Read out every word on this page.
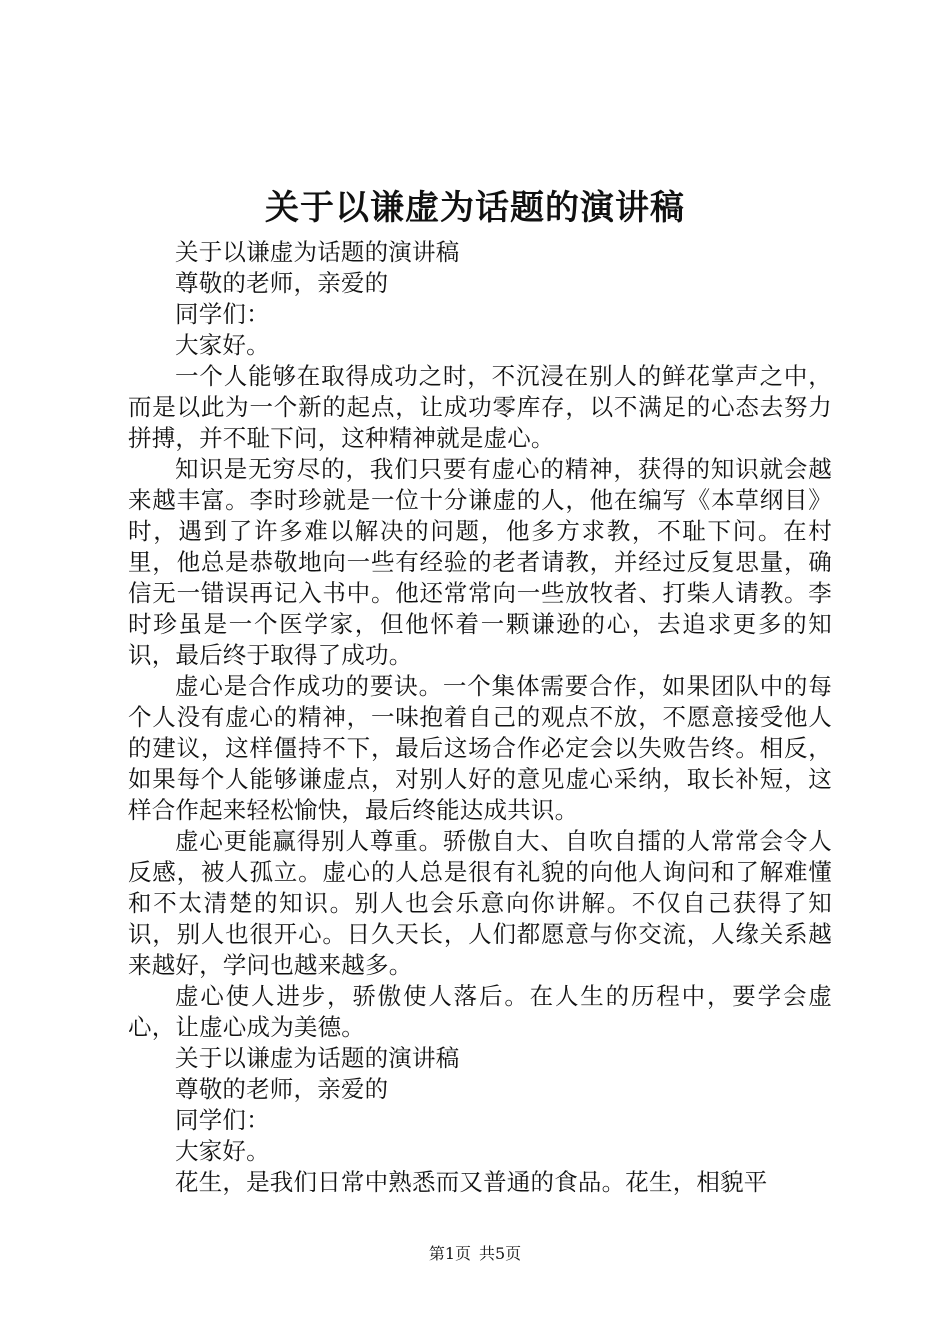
关于以谦虚为话题的演讲稿

关于以谦虚为话题的演讲稿

尊敬的老师，亲爱的

同学们：

大家好。

一个人能够在取得成功之时，不沉浸在别人的鲜花掌声之中，而是以此为一个新的起点，让成功零库存，以不满足的心态去努力拼搏，并不耻下问，这种精神就是虚心。

知识是无穷尽的，我们只要有虚心的精神，获得的知识就会越来越丰富。李时珍就是一位十分谦虚的人，他在编写《本草纲目》时，遇到了许多难以解决的问题，他多方求教，不耻下问。在村里，他总是恭敬地向一些有经验的老者请教，并经过反复思量，确信无一错误再记入书中。他还常常向一些放牧者、打柴人请教。李时珍虽是一个医学家，但他怀着一颗谦逊的心，去追求更多的知识，最后终于取得了成功。

虚心是合作成功的要诀。一个集体需要合作，如果团队中的每个人没有虚心的精神，一味抱着自己的观点不放，不愿意接受他人的建议，这样僵持不下，最后这场合作必定会以失败告终。相反，如果每个人能够谦虚点，对别人好的意见虚心采纳，取长补短，这样合作起来轻松愉快，最后终能达成共识。

虚心更能赢得别人尊重。骄傲自大、自吹自擂的人常常会令人反感，被人孤立。虚心的人总是很有礼貌的向他人询问和了解难懂和不太清楚的知识。别人也会乐意向你讲解。不仅自己获得了知识，别人也很开心。日久天长，人们都愿意与你交流，人缘关系越来越好，学问也越来越多。

虚心使人进步，骄傲使人落后。在人生的历程中，要学会虚心，让虚心成为美德。

关于以谦虚为话题的演讲稿

尊敬的老师，亲爱的

同学们：

大家好。

花生，是我们日常中熟悉而又普通的食品。花生，相貌平

第1页 共5页
